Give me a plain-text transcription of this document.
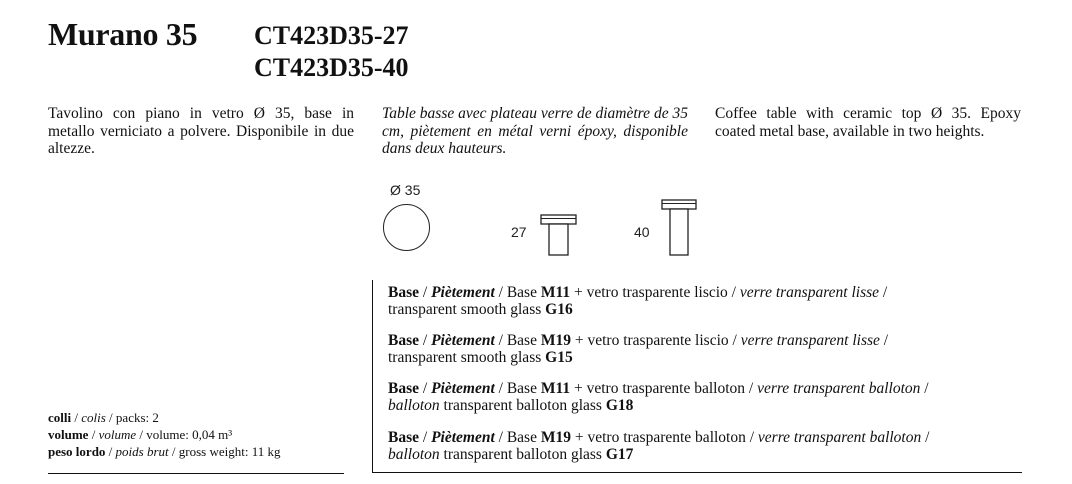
Murano 35 CT423D35-27
CT423D35-40
Tavolino con piano in vetro Ø 35, base in metallo verniciato a polvere. Disponibile in due altezze.
Table basse avec plateau verre de diamètre de 35 cm, piètement en métal verni époxy, disponible dans deux hauteurs.
Coffee table with ceramic top Ø 35. Epoxy coated metal base, available in two heights.
Ø 35
27	40
Base / Piètement / Base M11 + vetro trasparente liscio / verre transparent lisse /
transparent smooth glass G16
Base / Piètement / Base M19 + vetro trasparente liscio / verre transparent lisse /
transparent smooth glass G15
Base / Piètement / Base M11 + vetro trasparente balloton / verre transparent balloton /
balloton transparent balloton glass G18
Base / Piètement / Base M19 + vetro trasparente balloton / verre transparent balloton /
balloton transparent balloton glass G17
colli / colis / packs: 2
volume / volume / volume: 0,04 m³
peso lordo / poids brut / gross weight: 11 kg
